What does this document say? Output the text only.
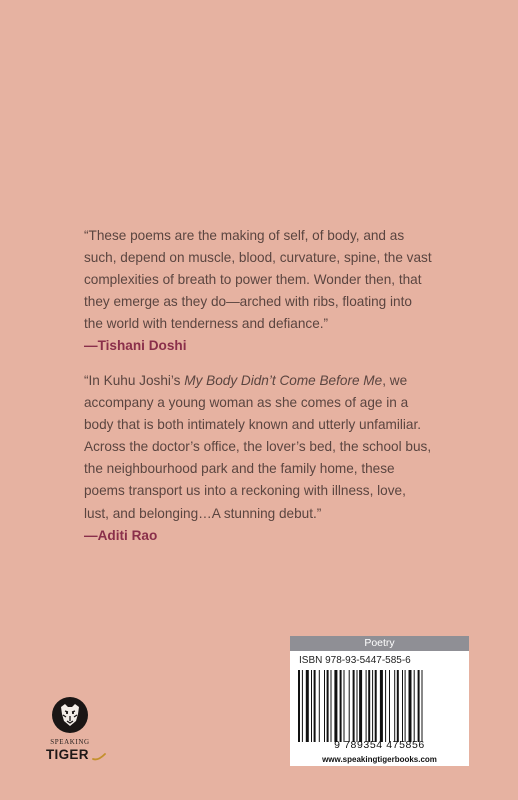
“These poems are the making of self, of body, and as such, depend on muscle, blood, curvature, spine, the vast complexities of breath to power them. Wonder then, that they emerge as they do—arched with ribs, floating into the world with tenderness and defiance.”

—Tishani Doshi

“In Kuhu Joshi’s My Body Didn’t Come Before Me, we accompany a young woman as she comes of age in a body that is both intimately known and utterly unfamiliar. Across the doctor’s office, the lover’s bed, the school bus, the neighbourhood park and the family home, these poems transport us into a reckoning with illness, love, lust, and belonging…A stunning debut.”

—Aditi Rao
SPEAKING
TIGER
Poetry
ISBN 978-93-5447-585-6
9 789354 475856
www.speakingtigerbooks.com
